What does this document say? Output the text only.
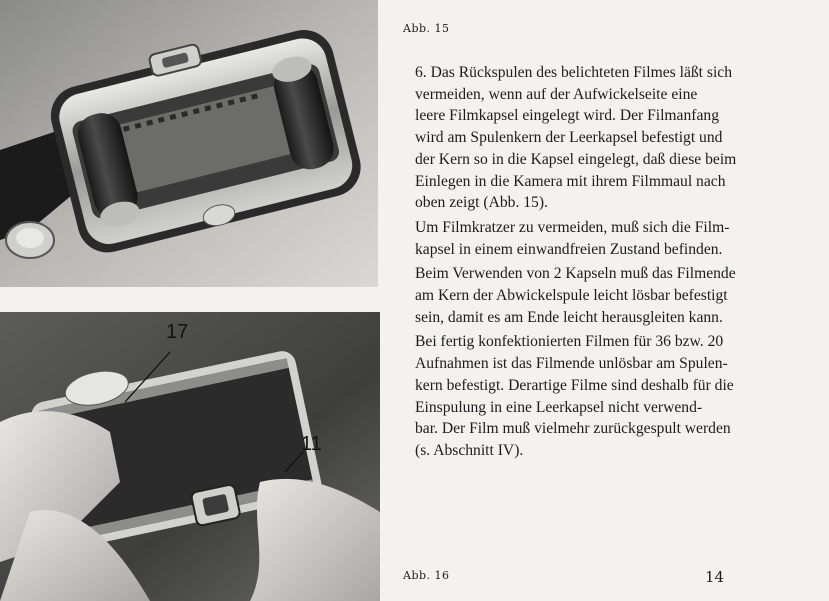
17
11
Abb. 15

6. Das Rückspulen des belichteten Filmes läßt sich
vermeiden, wenn auf der Aufwickelseite eine
leere Filmkapsel eingelegt wird. Der Filmanfang
wird am Spulenkern der Leerkapsel befestigt und
der Kern so in die Kapsel eingelegt, daß diese beim
Einlegen in die Kamera mit ihrem Filmmaul nach
oben zeigt (Abb. 15).

Um Filmkratzer zu vermeiden, muß sich die Film-
kapsel in einem einwandfreien Zustand befinden.

Beim Verwenden von 2 Kapseln muß das Filmende
am Kern der Abwickelspule leicht lösbar befestigt
sein, damit es am Ende leicht herausgleiten kann.

Bei fertig konfektionierten Filmen für 36 bzw. 20
Aufnahmen ist das Filmende unlösbar am Spulen-
kern befestigt. Derartige Filme sind deshalb für die
Einspulung in eine Leerkapsel nicht verwend-
bar. Der Film muß vielmehr zurückgespult werden
(s. Abschnitt IV).

Abb. 16	14
